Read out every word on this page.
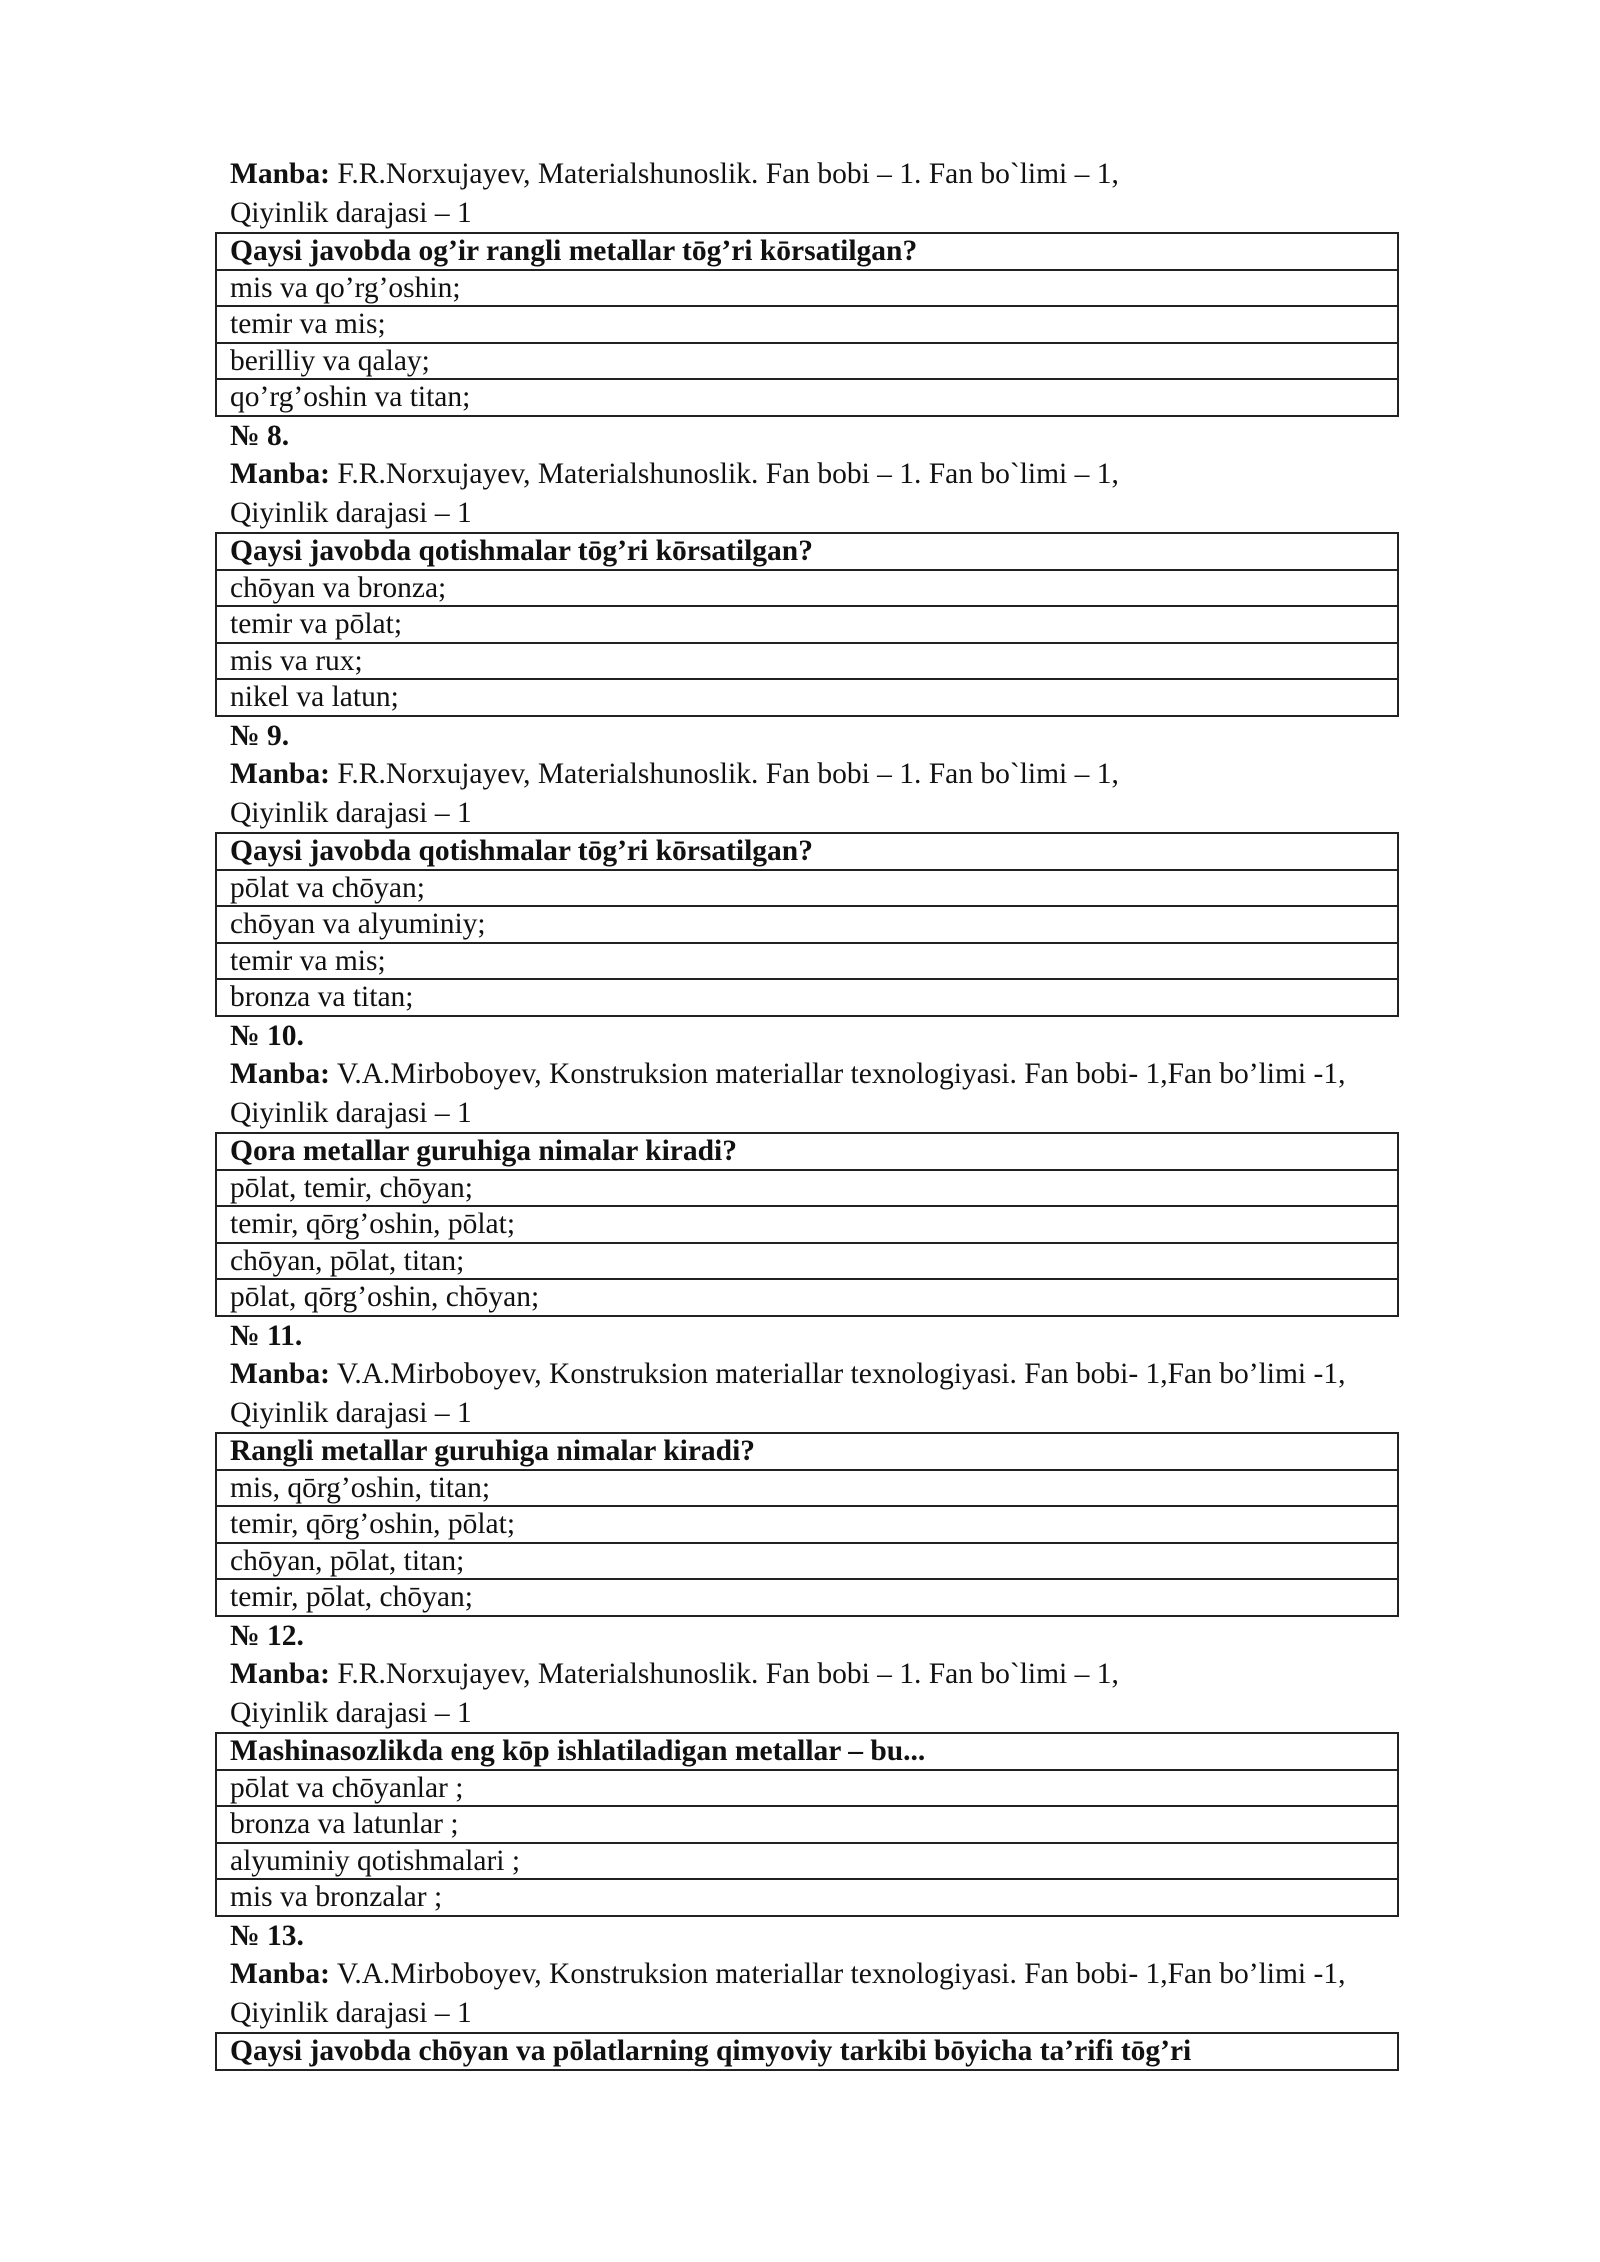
Manba: F.R.Norxujayev, Materialshunoslik. Fan bobi – 1. Fan bo`limi – 1,
Qiyinlik darajasi – 1
Qaysi javobda og’ir rangli metallar tōg’ri kōrsatilgan?
mis va qo’rg’oshin;
temir va mis;
berilliy va qalay;
qo’rg’oshin va titan;
№ 8.
Manba: F.R.Norxujayev, Materialshunoslik. Fan bobi – 1. Fan bo`limi – 1,
Qiyinlik darajasi – 1
Qaysi javobda qotishmalar tōg’ri kōrsatilgan?
chōyan va bronza;
temir va pōlat;
mis va rux;
nikel va latun;
№ 9.
Manba: F.R.Norxujayev, Materialshunoslik. Fan bobi – 1. Fan bo`limi – 1,
Qiyinlik darajasi – 1
Qaysi javobda qotishmalar tōg’ri kōrsatilgan?
pōlat va chōyan;
chōyan va alyuminiy;
temir va mis;
bronza va titan;
№ 10.
Manba: V.A.Mirboboyev, Konstruksion materiallar texnologiyasi. Fan bobi- 1,Fan bo’limi -1,
Qiyinlik darajasi – 1
Qora metallar guruhiga nimalar kiradi?
pōlat, temir, chōyan;
temir, qōrg’oshin, pōlat;
chōyan, pōlat, titan;
pōlat, qōrg’oshin, chōyan;
№ 11.
Manba: V.A.Mirboboyev, Konstruksion materiallar texnologiyasi. Fan bobi- 1,Fan bo’limi -1,
Qiyinlik darajasi – 1
Rangli metallar guruhiga nimalar kiradi?
mis, qōrg’oshin, titan;
temir, qōrg’oshin, pōlat;
chōyan, pōlat, titan;
temir, pōlat, chōyan;
№ 12.
Manba: F.R.Norxujayev, Materialshunoslik. Fan bobi – 1. Fan bo`limi – 1,
Qiyinlik darajasi – 1
Mashinasozlikda eng kōp ishlatiladigan metallar – bu...
pōlat va chōyanlar ;
bronza va latunlar ;
alyuminiy qotishmalari ;
mis va bronzalar ;
№ 13.
Manba: V.A.Mirboboyev, Konstruksion materiallar texnologiyasi. Fan bobi- 1,Fan bo’limi -1,
Qiyinlik darajasi – 1
Qaysi javobda chōyan va pōlatlarning qimyoviy tarkibi bōyicha ta’rifi tōg’ri
